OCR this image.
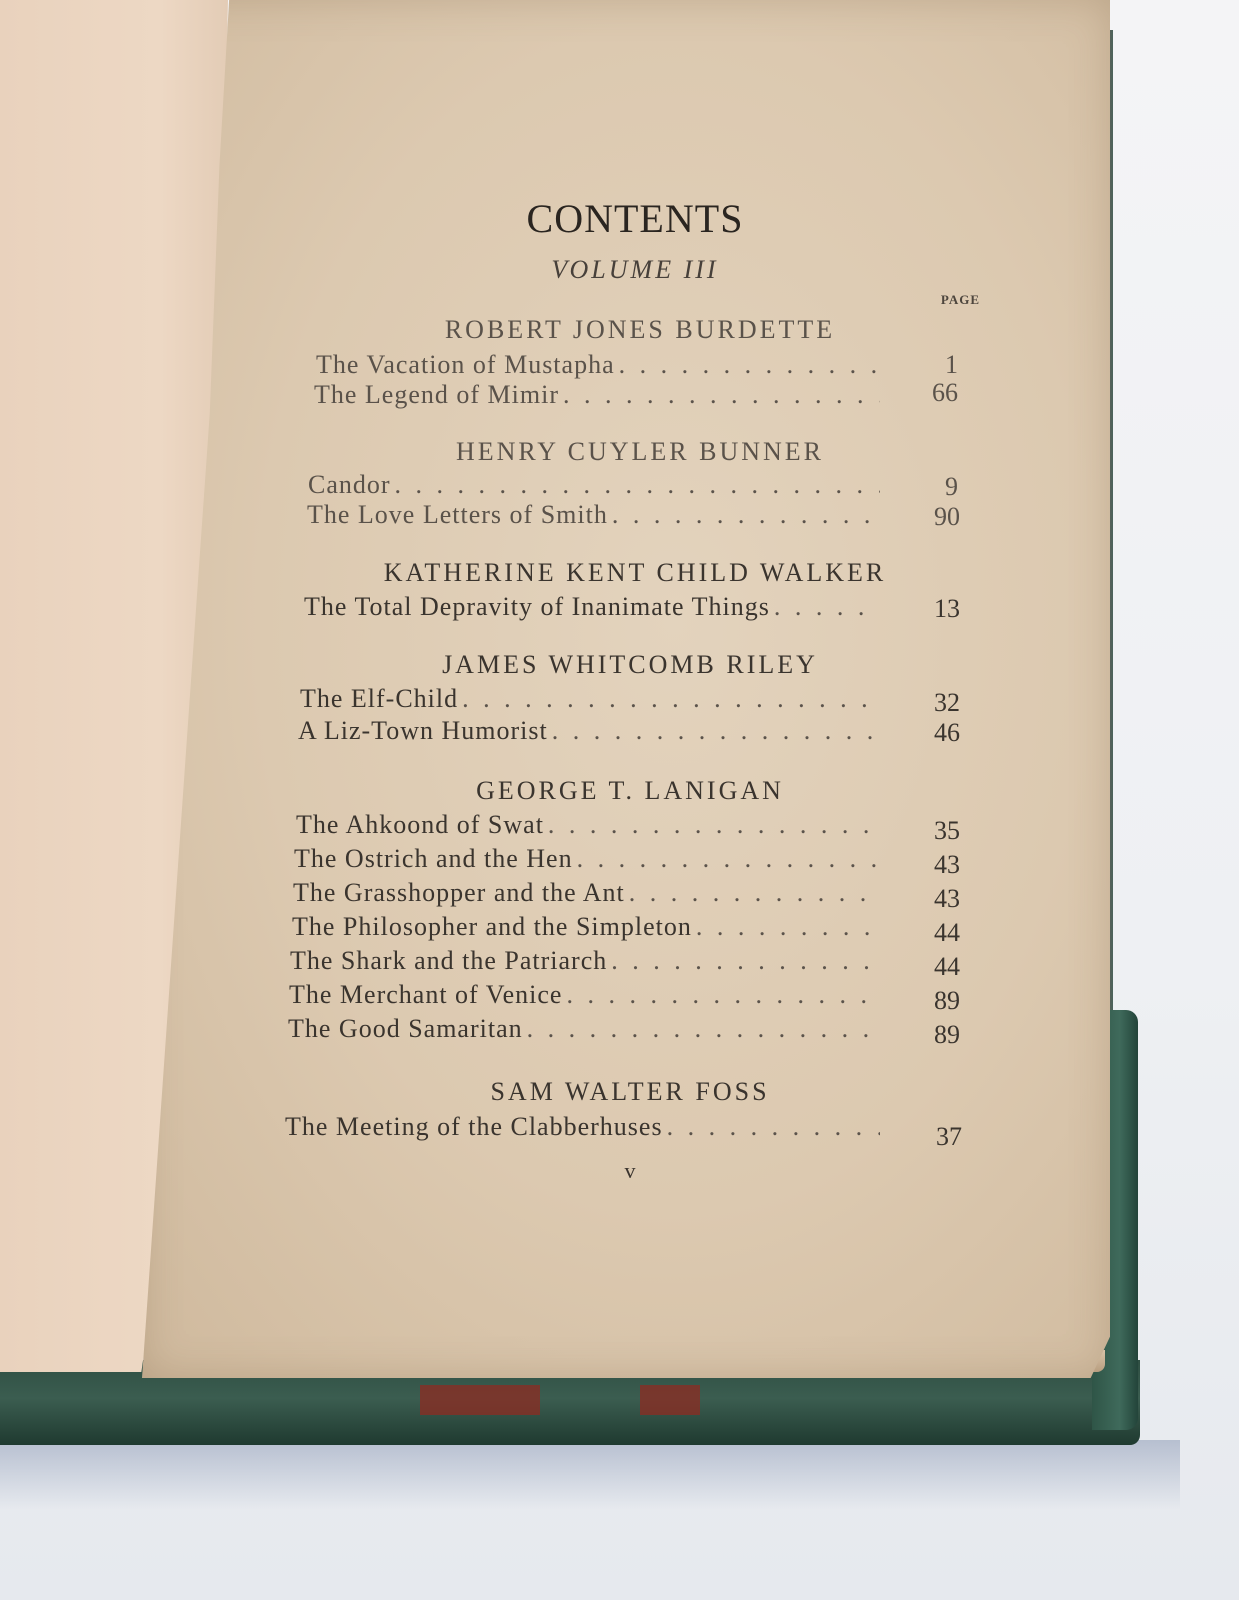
CONTENTS
VOLUME III
PAGE
ROBERT JONES BURDETTE
The Vacation of Mustapha . . .	1
The Legend of Mimir . . .	66
HENRY CUYLER BUNNER
Candor . . .	9
The Love Letters of Smith . . .	90
KATHERINE KENT CHILD WALKER
The Total Depravity of Inanimate Things . . .	13
JAMES WHITCOMB RILEY
The Elf-Child . . .	32
A Liz-Town Humorist . . .	46
GEORGE T. LANIGAN
The Ahkoond of Swat . . .	35
The Ostrich and the Hen . . .	43
The Grasshopper and the Ant . . .	43
The Philosopher and the Simpleton . . .	44
The Shark and the Patriarch . . .	44
The Merchant of Venice . . .	89
The Good Samaritan . . .	89
SAM WALTER FOSS
The Meeting of the Clabberhuses . . .	37
v
